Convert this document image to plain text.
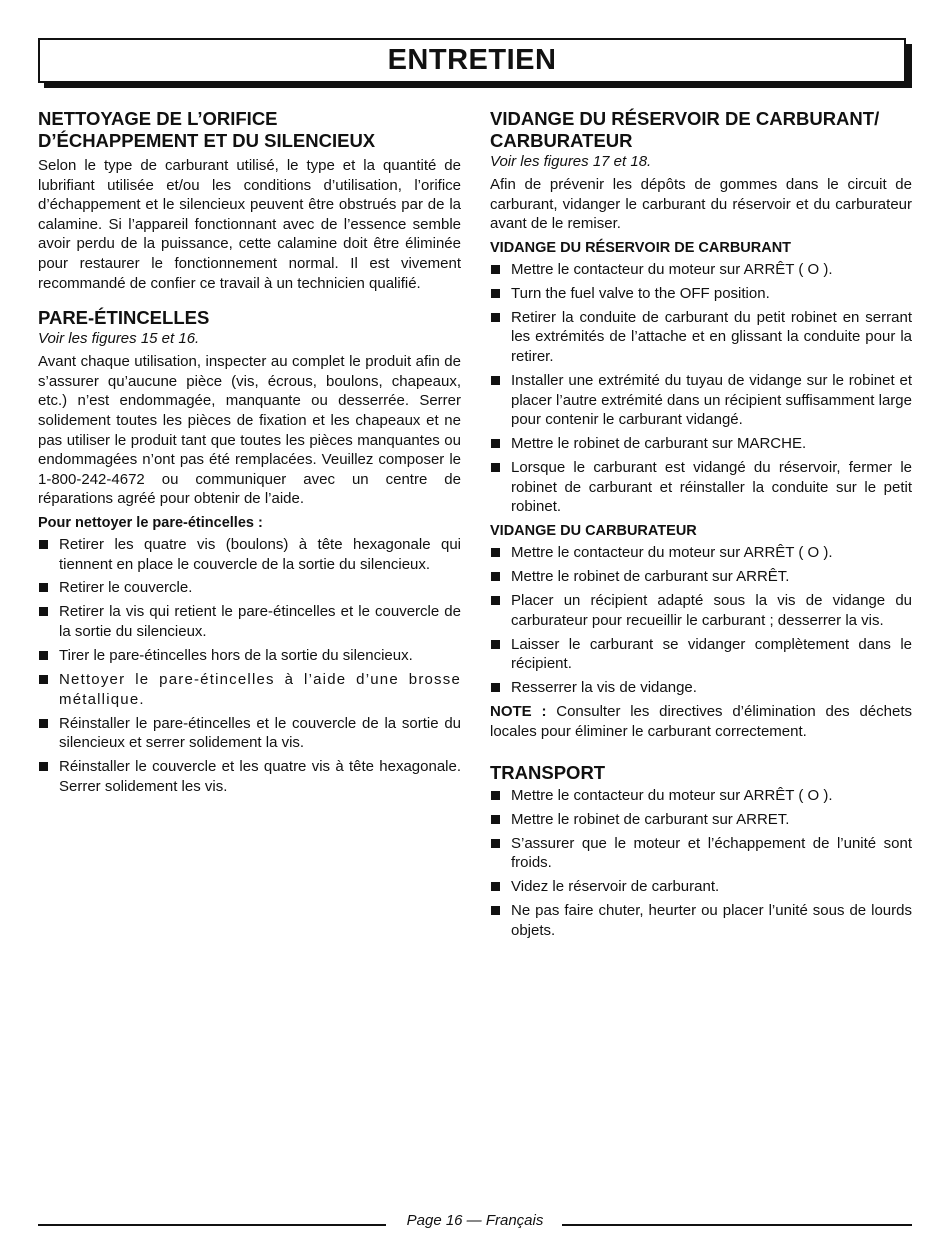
ENTRETIEN
NETTOYAGE DE L’ORIFICE
D’ÉCHAPPEMENT ET DU SILENCIEUX

Selon le type de carburant utilisé, le type et la quantité de lubrifiant utilisée et/ou les conditions d’utilisation, l’orifice d’échappement et le silencieux peuvent être obstrués par de la calamine. Si l’appareil fonctionnant avec de l’essence semble avoir perdu de la puissance, cette calamine doit être éliminée pour restaurer le fonctionnement normal. Il est vivement recommandé de confier ce travail à un technicien qualifié.

PARE-ÉTINCELLES
Voir les figures 15 et 16.

Avant chaque utilisation, inspecter au complet le produit afin de s’assurer qu’aucune pièce (vis, écrous, boulons, chapeaux, etc.) n’est endommagée, manquante ou desserrée. Serrer solidement toutes les pièces de fixation et les chapeaux et ne pas utiliser le produit tant que toutes les pièces manquantes ou endommagées n’ont pas été remplacées. Veuillez composer le 1-800-242-4672 ou communiquer avec un centre de réparations agréé pour obtenir de l’aide.

Pour nettoyer le pare-étincelles :
Retirer les quatre vis (boulons) à tête hexagonale qui tiennent en place le couvercle de la sortie du silencieux.
Retirer le couvercle.
Retirer la vis qui retient le pare-étincelles et le couvercle de la sortie du silencieux.
Tirer le pare-étincelles hors de la sortie du silencieux.
Nettoyer le pare-étincelles à l’aide d’une brosse métallique.
Réinstaller le pare-étincelles et le couvercle de la sortie du silencieux et serrer solidement la vis.
Réinstaller le couvercle et les quatre vis à tête hexagonale. Serrer solidement les vis.
VIDANGE DU RÉSERVOIR DE CARBURANT/
CARBURATEUR
Voir les figures 17 et 18.

Afin de prévenir les dépôts de gommes dans le circuit de carburant, vidanger le carburant du réservoir et du carburateur avant de le remiser.

VIDANGE DU RÉSERVOIR DE CARBURANT
Mettre le contacteur du moteur sur ARRÊT ( O ).
Turn the fuel valve to the OFF position.
Retirer la conduite de carburant du petit robinet en serrant les extrémités de l’attache et en glissant la conduite pour la retirer.
Installer une extrémité du tuyau de vidange sur le robinet et placer l’autre extrémité dans un récipient suffisamment large pour contenir le carburant vidangé.
Mettre le robinet de carburant sur MARCHE.
Lorsque le carburant est vidangé du réservoir, fermer le robinet de carburant et réinstaller la conduite sur le petit robinet.
VIDANGE DU CARBURATEUR
Mettre le contacteur du moteur sur ARRÊT ( O ).
Mettre le robinet de carburant sur ARRÊT.
Placer un récipient adapté sous la vis de vidange du carburateur pour recueillir le carburant ; desserrer la vis.
Laisser le carburant se vidanger complètement dans le récipient.
Resserrer la vis de vidange.

NOTE : Consulter les directives d’élimination des déchets locales pour éliminer le carburant correctement.

TRANSPORT
Mettre le contacteur du moteur sur ARRÊT ( O ).
Mettre le robinet de carburant sur ARRET.
S’assurer que le moteur et l’échappement de l’unité sont froids.
Videz le réservoir de carburant.
Ne pas faire chuter, heurter ou placer l’unité sous de lourds objets.
Page 16 — Français
